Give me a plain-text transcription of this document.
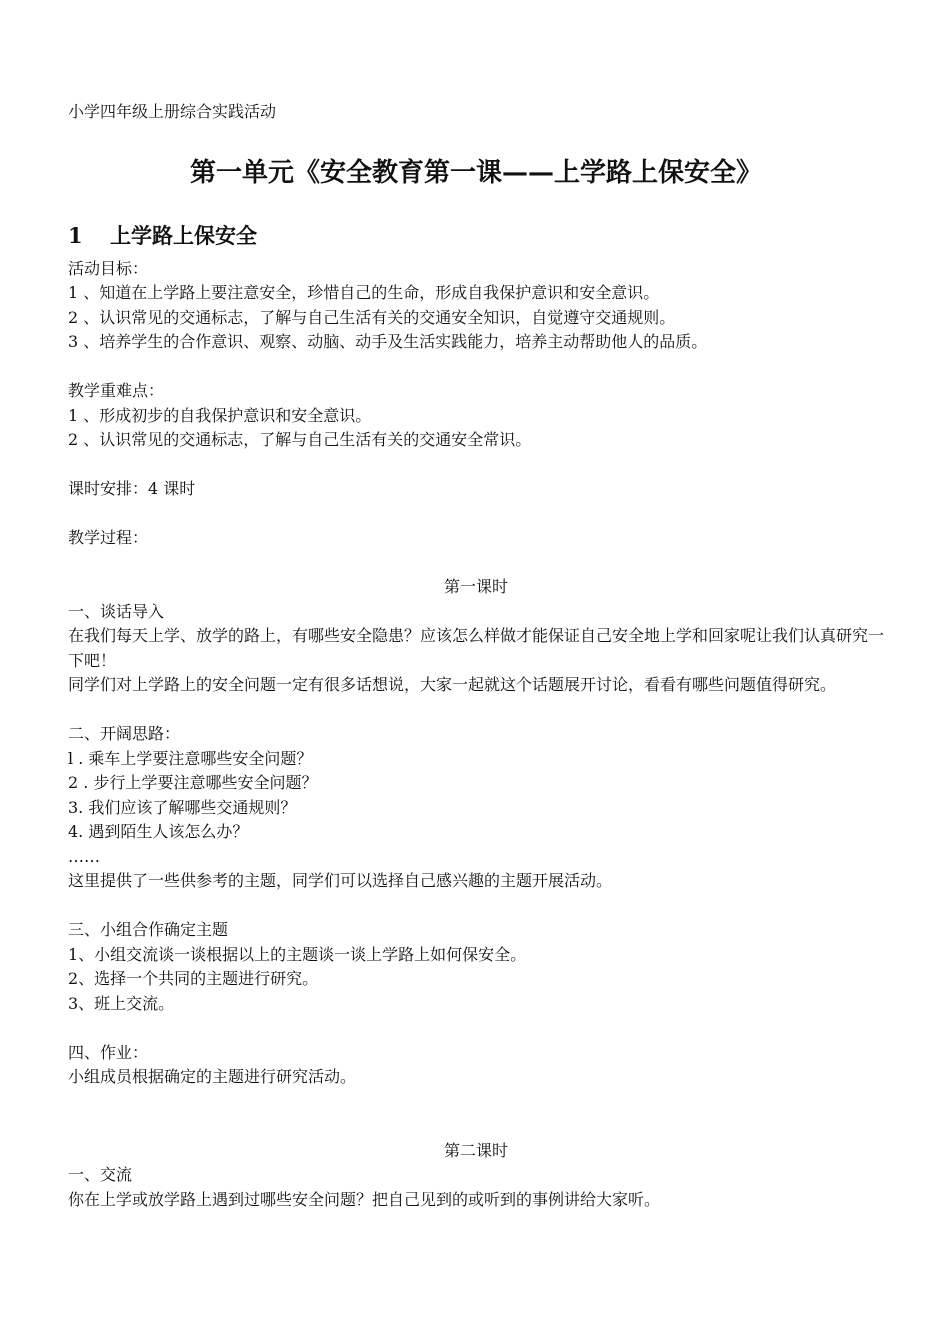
小学四年级上册综合实践活动

第一单元《安全教育第一课——上学路上保安全》
1 上学路上保安全

活动目标：

1 、知道在上学路上要注意安全，珍惜自己的生命，形成自我保护意识和安全意识。

2 、认识常见的交通标志，了解与自己生活有关的交通安全知识，自觉遵守交通规则。

3 、培养学生的合作意识、观察、动脑、动手及生活实践能力，培养主动帮助他人的品质。

教学重难点：

1 、形成初步的自我保护意识和安全意识。

2 、认识常见的交通标志，了解与自己生活有关的交通安全常识。

课时安排：4 课时

教学过程：

第一课时

一、谈话导入

在我们每天上学、放学的路上，有哪些安全隐患？应该怎么样做才能保证自己安全地上学和回家呢让我们认真研究一下吧！

同学们对上学路上的安全问题一定有很多话想说，大家一起就这个话题展开讨论，看看有哪些问题值得研究。

二、开阔思路：

l . 乘车上学要注意哪些安全问题？

2 . 步行上学要注意哪些安全问题？

3. 我们应该了解哪些交通规则？

4. 遇到陌生人该怎么办？

……

这里提供了一些供参考的主题，同学们可以选择自己感兴趣的主题开展活动。

三、小组合作确定主题

1、小组交流谈一谈根据以上的主题谈一谈上学路上如何保安全。

2、选择一个共同的主题进行研究。

3、班上交流。

四、作业：

小组成员根据确定的主题进行研究活动。

第二课时

一、交流

你在上学或放学路上遇到过哪些安全问题？把自己见到的或听到的事例讲给大家听。
